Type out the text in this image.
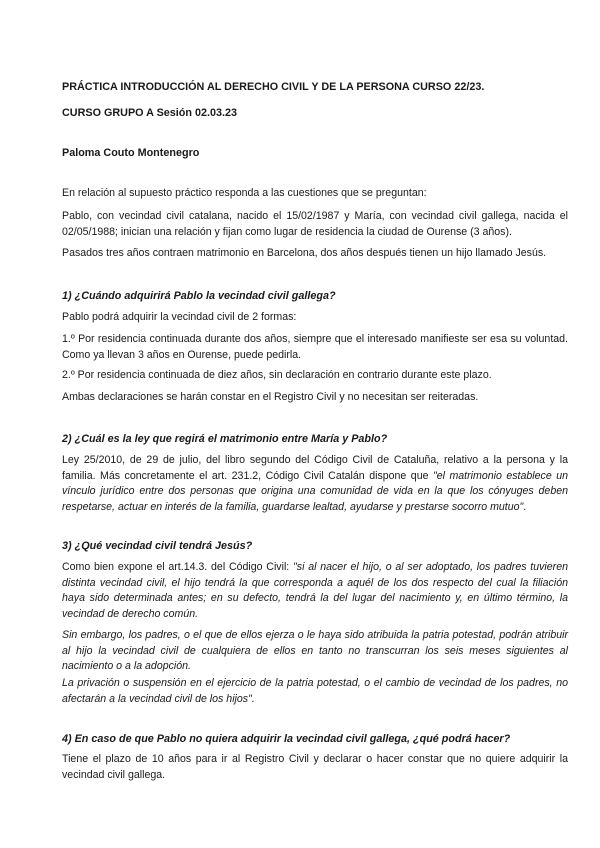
PRÁCTICA INTRODUCCIÓN AL DERECHO CIVIL Y DE LA PERSONA CURSO 22/23.

CURSO GRUPO A Sesión 02.03.23

Paloma Couto Montenegro

En relación al supuesto práctico responda a las cuestiones que se preguntan:

Pablo, con vecindad civil catalana, nacido el 15/02/1987 y María, con vecindad civil gallega, nacida el 02/05/1988; inician una relación y fijan como lugar de residencia la ciudad de Ourense (3 años).

Pasados tres años contraen matrimonio en Barcelona, dos años después tienen un hijo llamado Jesús.

1) ¿Cuándo adquirirá Pablo la vecindad civil gallega?

Pablo podrá adquirir la vecindad civil de 2 formas:

1.º Por residencia continuada durante dos años, siempre que el interesado manifieste ser esa su voluntad. Como ya llevan 3 años en Ourense, puede pedirla.

2.º Por residencia continuada de diez años, sin declaración en contrario durante este plazo.

Ambas declaraciones se harán constar en el Registro Civil y no necesitan ser reiteradas.

2) ¿Cuál es la ley que regirá el matrimonio entre María y Pablo?

Ley 25/2010, de 29 de julio, del libro segundo del Código Civil de Cataluña, relativo a la persona y la familia. Más concretamente el art. 231.2, Código Civil Catalán dispone que "el matrimonio establece un vínculo jurídico entre dos personas que origina una comunidad de vida en la que los cónyuges deben respetarse, actuar en interés de la familia, guardarse lealtad, ayudarse y prestarse socorro mutuo".

3) ¿Qué vecindad civil tendrá Jesús?

Como bien expone el art.14.3. del Código Civil: "si al nacer el hijo, o al ser adoptado, los padres tuvieren distinta vecindad civil, el hijo tendrá la que corresponda a aquél de los dos respecto del cual la filiación haya sido determinada antes; en su defecto, tendrá la del lugar del nacimiento y, en último término, la vecindad de derecho común.

Sin embargo, los padres, o el que de ellos ejerza o le haya sido atribuida la patria potestad, podrán atribuir al hijo la vecindad civil de cualquiera de ellos en tanto no transcurran los seis meses siguientes al nacimiento o a la adopción.

La privación o suspensión en el ejercicio de la patria potestad, o el cambio de vecindad de los padres, no afectarán a la vecindad civil de los hijos".

4) En caso de que Pablo no quiera adquirir la vecindad civil gallega, ¿qué podrá hacer?

Tiene el plazo de 10 años para ir al Registro Civil y declarar o hacer constar que no quiere adquirir la vecindad civil gallega.
